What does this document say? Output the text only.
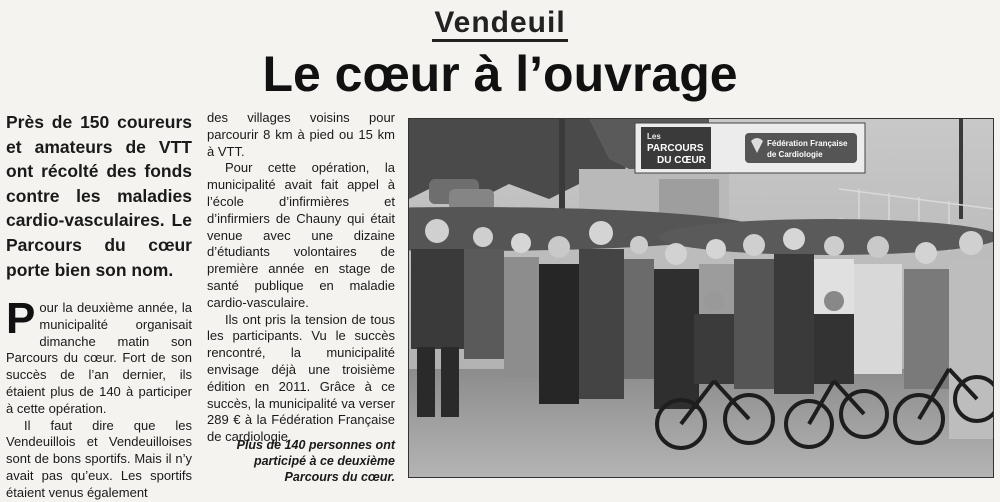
Vendeuil
Le cœur à l’ouvrage

Près de 150 coureurs et amateurs de VTT ont récolté des fonds contre les maladies cardio-vasculaires. Le Parcours du cœur porte bien son nom.

Pour la deuxième année, la municipalité organisait dimanche matin son Parcours du cœur. Fort de son succès de l’an dernier, ils étaient plus de 140 à participer à cette opération.

Il faut dire que les Vendeuillois et Vendeuilloises sont de bons sportifs. Mais il n’y avait pas qu’eux. Les sportifs étaient venus également

des villages voisins pour parcourir 8 km à pied ou 15 km à VTT.

Pour cette opération, la municipalité avait fait appel à l’école d’infirmières et d’infirmiers de Chauny qui était venue avec une dizaine d’étudiants volontaires de première année en stage de santé publique en maladie cardio-vasculaire.

Ils ont pris la tension de tous les participants. Vu le succès rencontré, la municipalité envisage déjà une troisième édition en 2011. Grâce à ce succès, la municipalité va verser 289 € à la Fédération Française de cardiologie.

Plus de 140 personnes ont participé à ce deuxième Parcours du cœur.

Les
PARCOURS
DU CŒUR
Fédération Française
de Cardiologie
